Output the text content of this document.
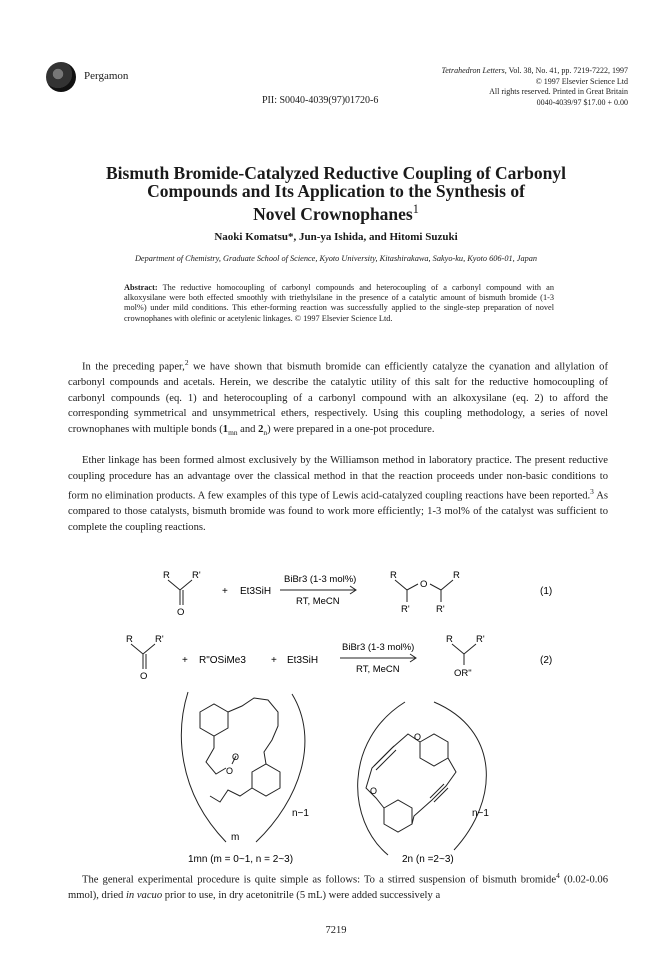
Pergamon	Tetrahedron Letters, Vol. 38, No. 41, pp. 7219-7222, 1997
© 1997 Elsevier Science Ltd
All rights reserved. Printed in Great Britain
0040-4039/97 $17.00 + 0.00
PII: S0040-4039(97)01720-6
Bismuth Bromide-Catalyzed Reductive Coupling of Carbonyl
Compounds and Its Application to the Synthesis of
Novel Crownophanes$^1$
Naoki Komatsu*, Jun-ya Ishida, and Hitomi Suzuki
Department of Chemistry, Graduate School of Science, Kyoto University, Kitashirakawa, Sakyo-ku, Kyoto 606-01, Japan
Abstract: The reductive homocoupling of carbonyl compounds and heterocoupling of a carbonyl compound with an alkoxysilane were both effected smoothly with triethylsilane in the presence of a catalytic amount of bismuth bromide (1-3 mol%) under mild conditions. This ether-forming reaction was successfully applied to the single-step preparation of novel crownophanes with olefinic or acetylenic linkages. © 1997 Elsevier Science Ltd.
In the preceding paper,$^2$ we have shown that bismuth bromide can efficiently catalyze the cyanation and allylation of carbonyl compounds and acetals. Herein, we describe the catalytic utility of this salt for the reductive homocoupling of carbonyl compounds (eq. 1) and heterocoupling of a carbonyl compound with an alkoxysilane (eq. 2) to afford the corresponding symmetrical and unsymmetrical ethers, respectively. Using this coupling methodology, a series of novel crownophanes with multiple bonds ($1_{mn}$ and $2_n$) were prepared in a one-pot procedure.
Ether linkage has been formed almost exclusively by the Williamson method in laboratory practice. The present reductive coupling procedure has an advantage over the classical method in that the reaction proceeds under non-basic conditions to form no elimination products. A few examples of this type of Lewis acid-catalyzed coupling reactions have been reported.$^3$ As compared to those catalysts, bismuth bromide was found to work more efficiently; 1-3 mol% of the catalyst was sufficient to complete the coupling reactions.
R R'
O
+ Et3SiH
BiBr3 (1-3 mol%)
RT, MeCN
R
O
R
R'	R'
(1)
R R'
O
+ R"OSiMe3	+ Et3SiH
BiBr3 (1-3 mol%)
RT, MeCN
R R'
OR"
(2)
O
O
n−1
m
O
O
n−1
1mn (m = 0~1, n = 2~3)	2n (n =2~3)
The general experimental procedure is quite simple as follows: To a stirred suspension of bismuth bromide$^4$ (0.02-0.06 mmol), dried in vacuo prior to use, in dry acetonitrile (5 mL) were added successively a
7219
